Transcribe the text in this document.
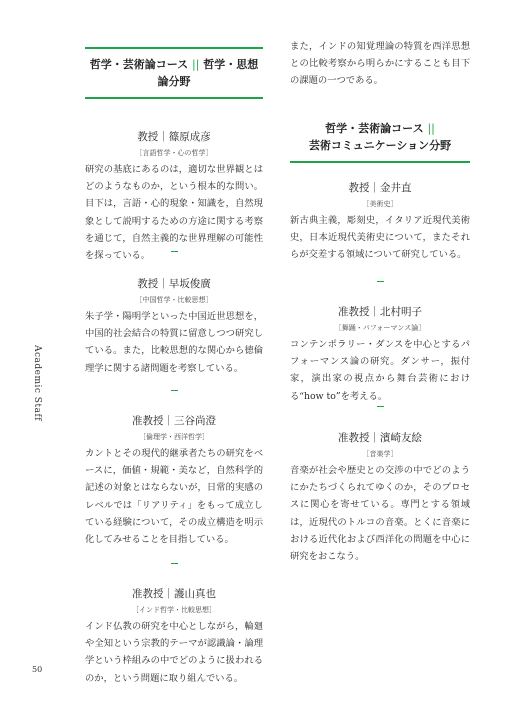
Academic Staff
50
哲学・芸術論コース || 哲学・思想論分野
教授｜篠原成彦
［言語哲学・心の哲学］
研究の基底にあるのは，適切な世界観とはどのようなものか，という根本的な問い。目下は，言語・心的現象・知識を，自然現象として説明するための方途に関する考察を通じて，自然主義的な世界理解の可能性を探っている。
教授｜早坂俊廣
［中国哲学・比較思想］
朱子学・陽明学といった中国近世思想を，中国的社会結合の特質に留意しつつ研究している。また，比較思想的な関心から徳倫理学に関する諸問題を考察している。
准教授｜三谷尚澄
［倫理学・西洋哲学］
カントとその現代的継承者たちの研究をベースに，価値・規範・美など，自然科学的記述の対象とはならないが，日常的実感のレベルでは「リアリティ」をもって成立している経験について，その成立構造を明示化してみせることを目指している。
准教授｜護山真也
［インド哲学・比較思想］
インド仏教の研究を中心としながら，輪廻や全知という宗教的テーマが認識論・論理学という枠組みの中でどのように扱われるのか，という問題に取り組んでいる。
また，インドの知覚理論の特質を西洋思想との比較考察から明らかにすることも目下の課題の一つである。
哲学・芸術論コース ||
芸術コミュニケーション分野
教授｜金井直
［美術史］
新古典主義，彫刻史，イタリア近現代美術史，日本近現代美術史について，またそれらが交差する領域について研究している。
准教授｜北村明子
［舞踊・パフォーマンス論］
コンテンポラリー・ダンスを中心とするパフォーマンス論の研究。ダンサー，振付家，演出家の視点から舞台芸術における“how to”を考える。
准教授｜濱崎友絵
［音楽学］
音楽が社会や歴史との交渉の中でどのようにかたちづくられてゆくのか，そのプロセスに関心を寄せている。専門とする領域は，近現代のトルコの音楽。とくに音楽における近代化および西洋化の問題を中心に研究をおこなう。
